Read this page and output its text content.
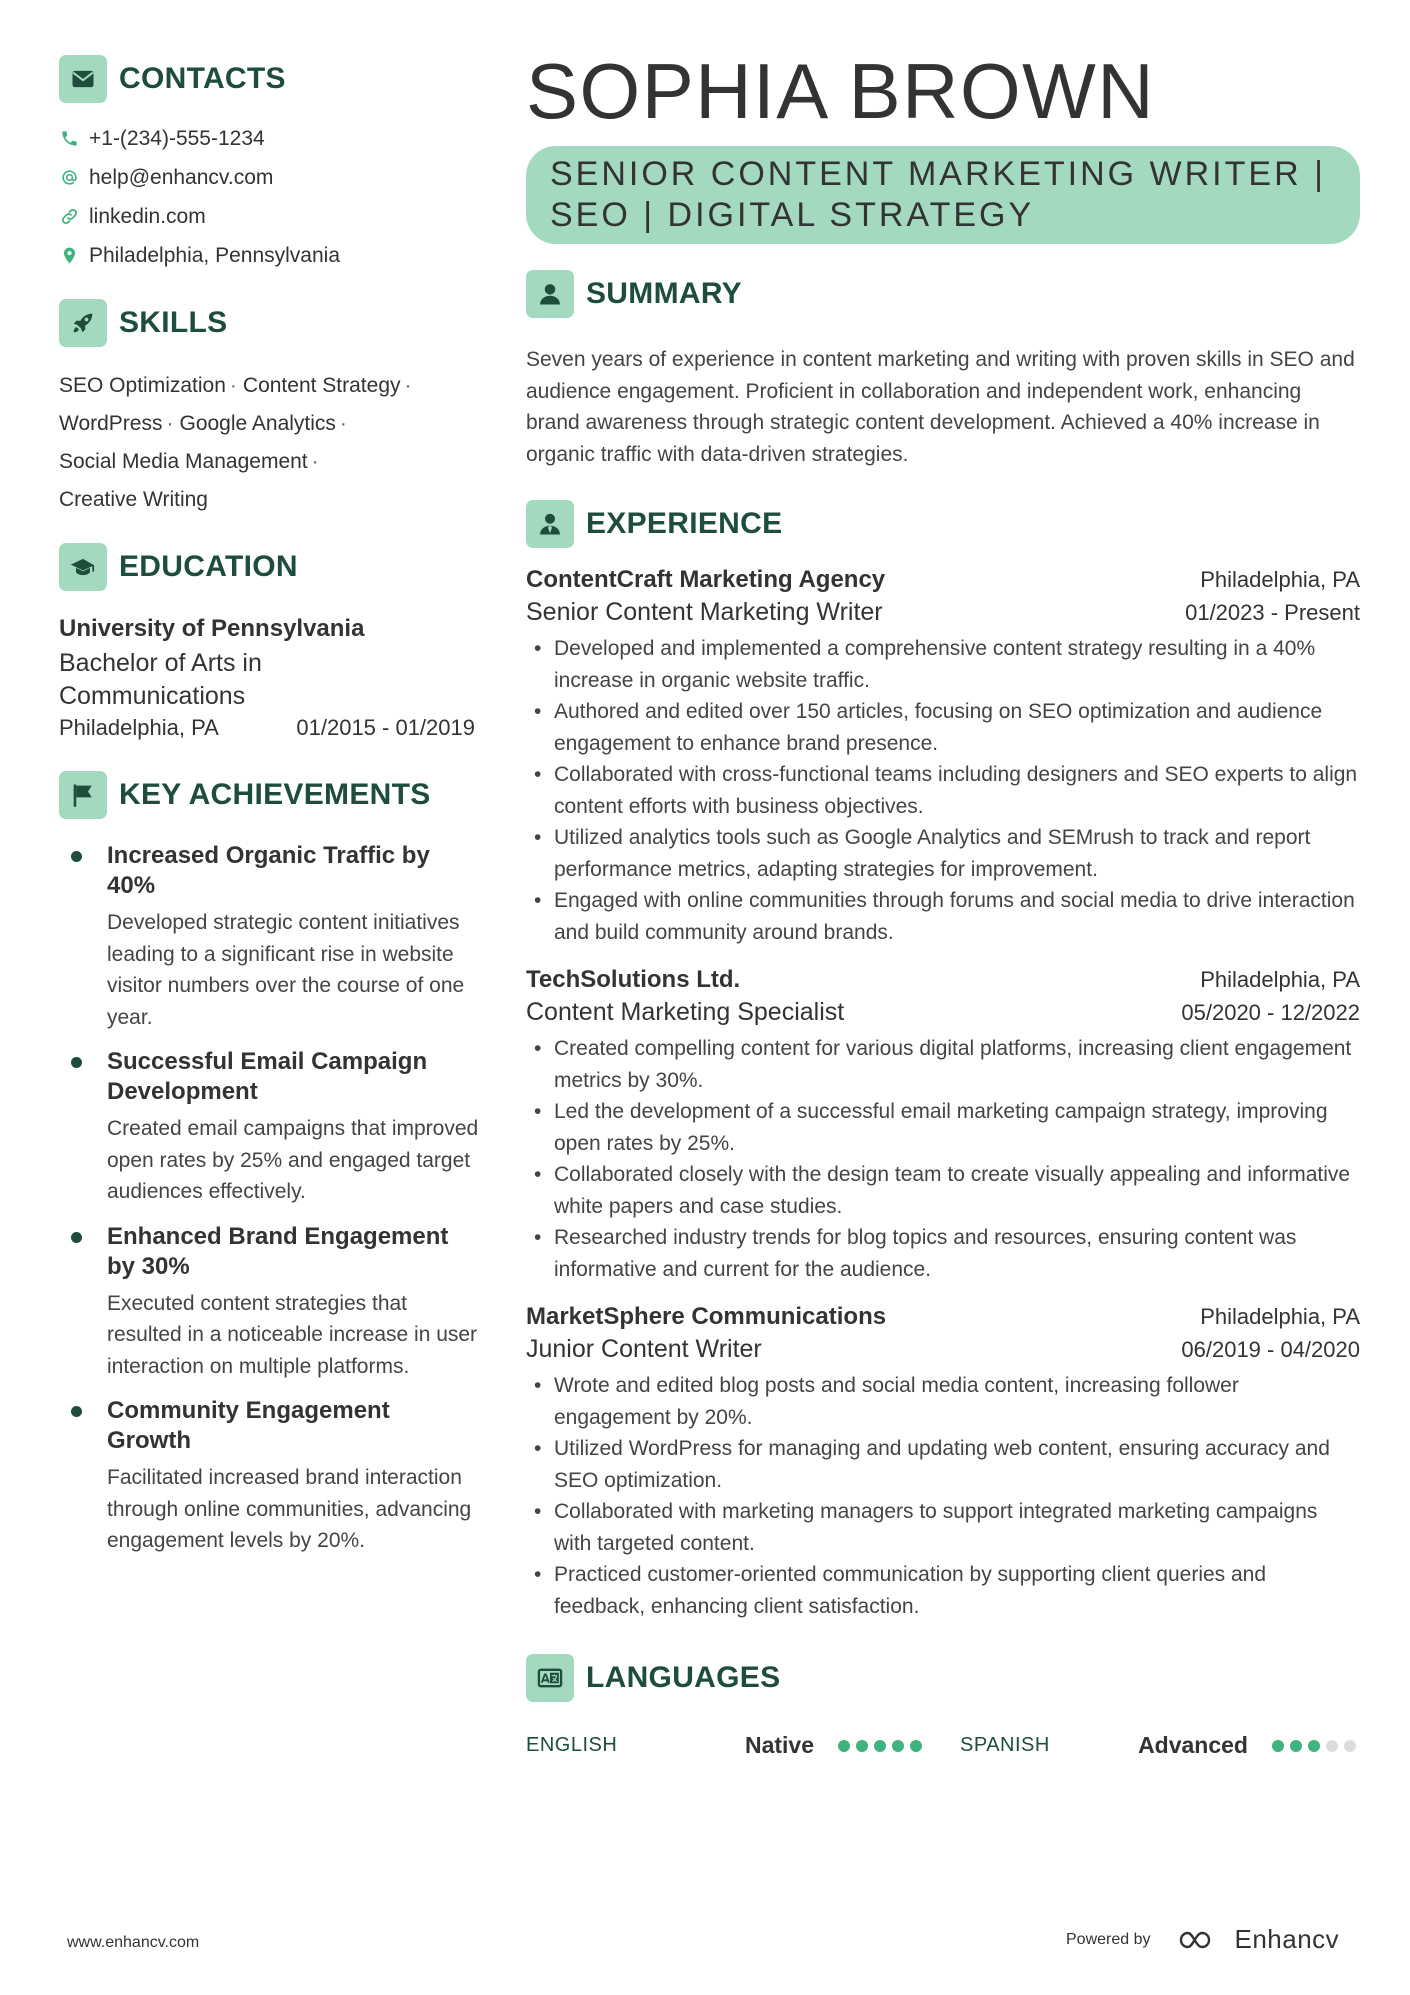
CONTACTS
+1-(234)-555-1234
help@enhancv.com
linkedin.com
Philadelphia, Pennsylvania
SKILLS
SEO Optimization · Content Strategy ·
WordPress · Google Analytics ·
Social Media Management ·
Creative Writing
EDUCATION
University of Pennsylvania
Bachelor of Arts in Communications
Philadelphia, PA	01/2015 - 01/2019
KEY ACHIEVEMENTS
Increased Organic Traffic by 40%
Developed strategic content initiatives leading to a significant rise in website visitor numbers over the course of one year.
Successful Email Campaign Development
Created email campaigns that improved open rates by 25% and engaged target audiences effectively.
Enhanced Brand Engagement by 30%
Executed content strategies that resulted in a noticeable increase in user interaction on multiple platforms.
Community Engagement Growth
Facilitated increased brand interaction through online communities, advancing engagement levels by 20%.
SOPHIA BROWN
SENIOR CONTENT MARKETING WRITER | SEO | DIGITAL STRATEGY
SUMMARY
Seven years of experience in content marketing and writing with proven skills in SEO and audience engagement. Proficient in collaboration and independent work, enhancing brand awareness through strategic content development. Achieved a 40% increase in organic traffic with data-driven strategies.
EXPERIENCE
ContentCraft Marketing Agency	Philadelphia, PA
Senior Content Marketing Writer	01/2023 - Present
• Developed and implemented a comprehensive content strategy resulting in a 40% increase in organic website traffic.
• Authored and edited over 150 articles, focusing on SEO optimization and audience engagement to enhance brand presence.
• Collaborated with cross-functional teams including designers and SEO experts to align content efforts with business objectives.
• Utilized analytics tools such as Google Analytics and SEMrush to track and report performance metrics, adapting strategies for improvement.
• Engaged with online communities through forums and social media to drive interaction and build community around brands.
TechSolutions Ltd.	Philadelphia, PA
Content Marketing Specialist	05/2020 - 12/2022
• Created compelling content for various digital platforms, increasing client engagement metrics by 30%.
• Led the development of a successful email marketing campaign strategy, improving open rates by 25%.
• Collaborated closely with the design team to create visually appealing and informative white papers and case studies.
• Researched industry trends for blog topics and resources, ensuring content was informative and current for the audience.
MarketSphere Communications	Philadelphia, PA
Junior Content Writer	06/2019 - 04/2020
• Wrote and edited blog posts and social media content, increasing follower engagement by 20%.
• Utilized WordPress for managing and updating web content, ensuring accuracy and SEO optimization.
• Collaborated with marketing managers to support integrated marketing campaigns with targeted content.
• Practiced customer-oriented communication by supporting client queries and feedback, enhancing client satisfaction.
LANGUAGES
ENGLISH	Native	SPANISH	Advanced
www.enhancv.com	Powered by	Enhancv
